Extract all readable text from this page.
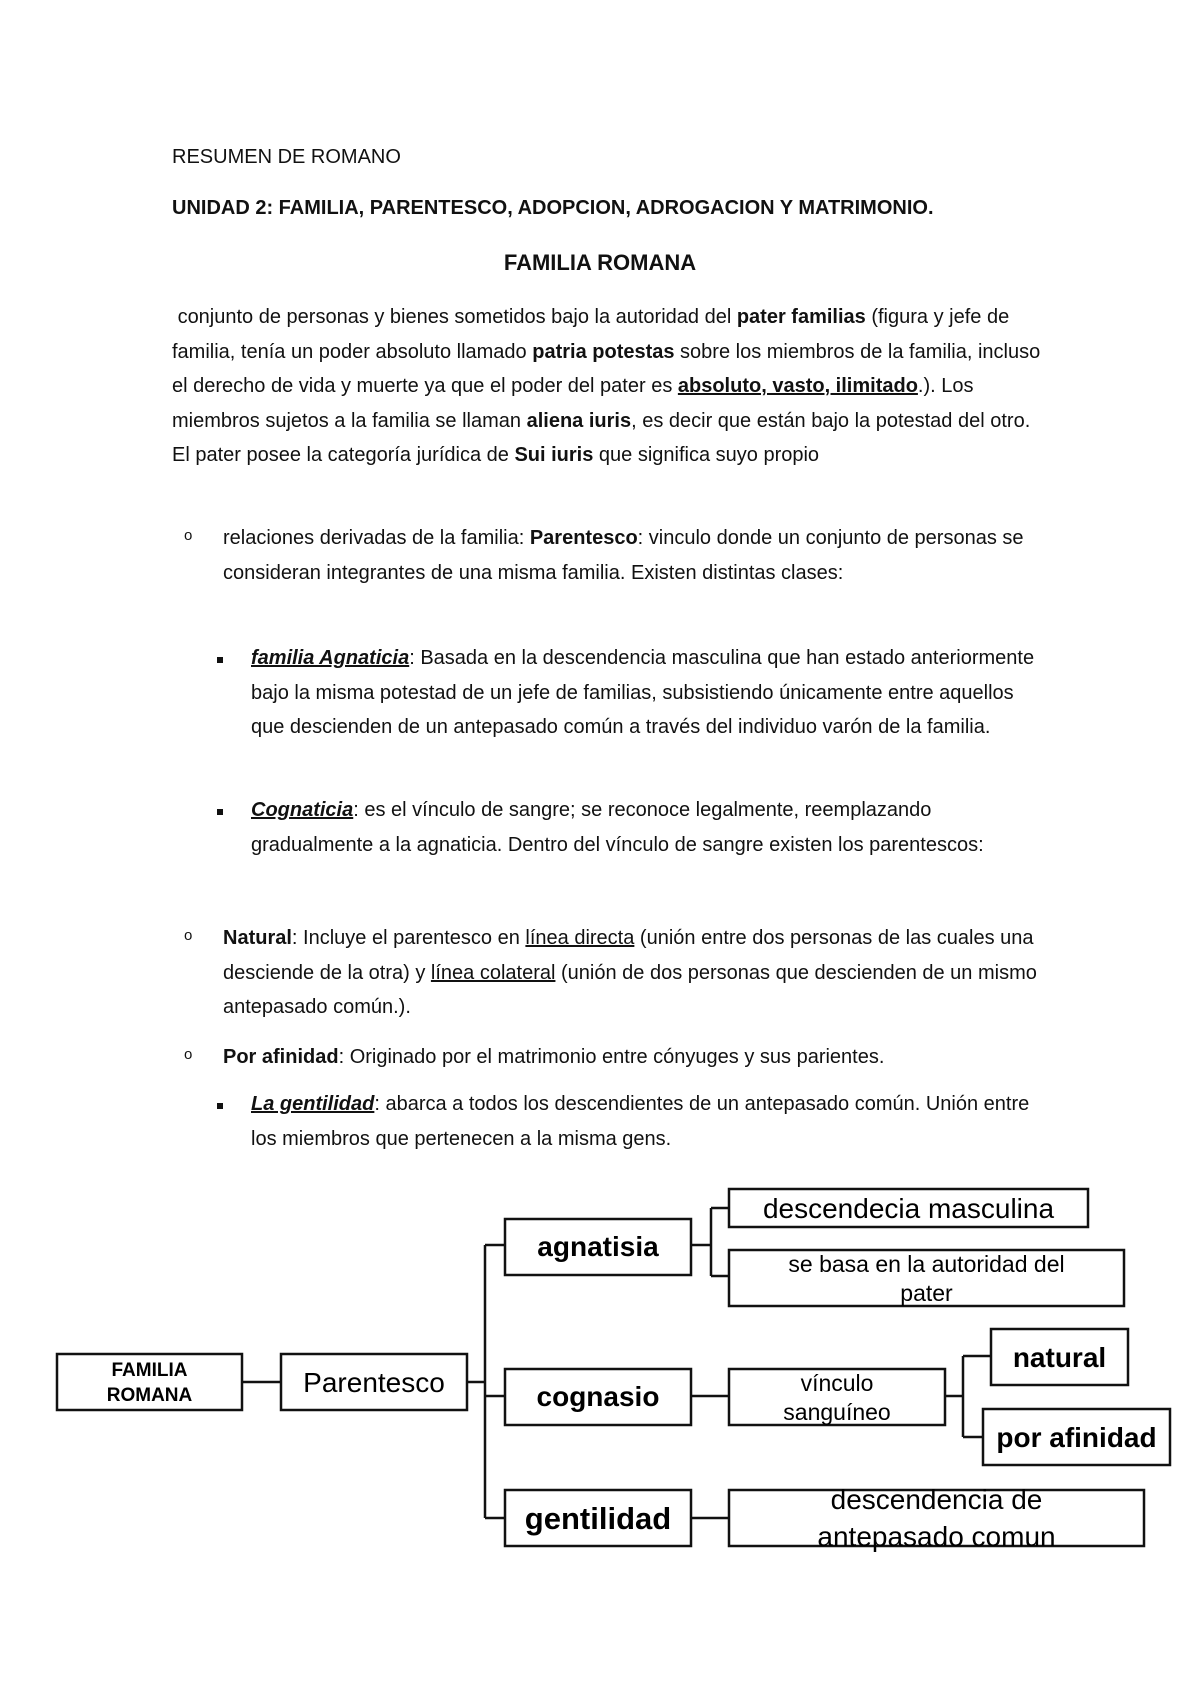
RESUMEN DE ROMANO
UNIDAD 2: FAMILIA, PARENTESCO, ADOPCION, ADROGACION Y MATRIMONIO.
FAMILIA ROMANA
conjunto de personas y bienes sometidos bajo la autoridad del pater familias (figura y jefe de familia, tenía un poder absoluto llamado patria potestas sobre los miembros de la familia, incluso el derecho de vida y muerte ya que el poder del pater es absoluto, vasto, ilimitado.). Los miembros sujetos a la familia se llaman aliena iuris, es decir que están bajo la potestad del otro. El pater posee la categoría jurídica de Sui iuris que significa suyo propio
o relaciones derivadas de la familia: Parentesco: vinculo donde un conjunto de personas se consideran integrantes de una misma familia. Existen distintas clases:
familia Agnaticia: Basada en la descendencia masculina que han estado anteriormente bajo la misma potestad de un jefe de familias, subsistiendo únicamente entre aquellos que descienden de un antepasado común a través del individuo varón de la familia.
Cognaticia: es el vínculo de sangre; se reconoce legalmente, reemplazando gradualmente a la agnaticia. Dentro del vínculo de sangre existen los parentescos:
o Natural: Incluye el parentesco en línea directa (unión entre dos personas de las cuales una desciende de la otra) y línea colateral (unión de dos personas que descienden de un mismo antepasado común.).
o Por afinidad: Originado por el matrimonio entre cónyuges y sus parientes.
La gentilidad: abarca a todos los descendientes de un antepasado común. Unión entre los miembros que pertenecen a la misma gens.
FAMILIA
ROMANA	Parentesco
agnatisia
cognasio
gentilidad
descendecia masculina
se basa en la autoridad del
pater
vínculo
sanguíneo
natural
por afinidad
descendencia de
antepasado comun
